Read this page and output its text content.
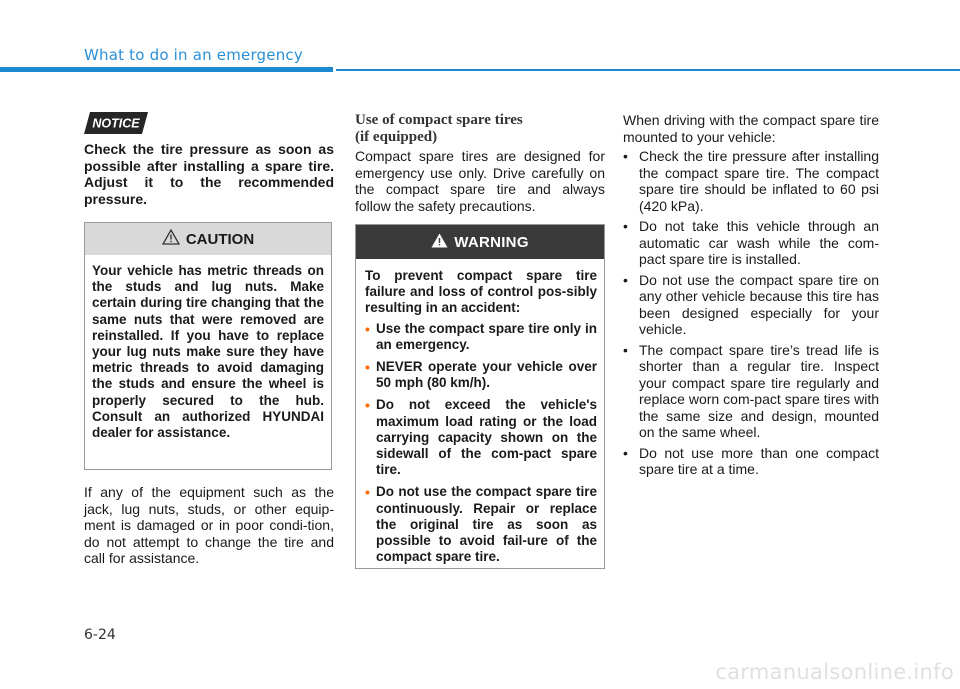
What to do in an emergency
NOTICE
Check the tire pressure as soon as possible after installing a spare tire. Adjust it to the recommended pressure.
CAUTION
Your vehicle has metric threads on the studs and lug nuts. Make certain during tire changing that the same nuts that were removed are reinstalled. If you have to replace your lug nuts make sure they have metric threads to avoid damaging the studs and ensure the wheel is properly secured to the hub. Consult an authorized HYUNDAI dealer for assistance.
If any of the equipment such as the jack, lug nuts, studs, or other equip-ment is damaged or in poor condi-tion, do not attempt to change the tire and call for assistance.
Use of compact spare tires
(if equipped)
Compact spare tires are designed for emergency use only. Drive carefully on the compact spare tire and always follow the safety precautions.
WARNING
To prevent compact spare tire failure and loss of control pos-sibly resulting in an accident:
• Use the compact spare tire only in an emergency.
• NEVER operate your vehicle over 50 mph (80 km/h).
• Do not exceed the vehicle's maximum load rating or the load carrying capacity shown on the sidewall of the com-pact spare tire.
• Do not use the compact spare tire continuously. Repair or replace the original tire as soon as possible to avoid fail-ure of the compact spare tire.
When driving with the compact spare tire mounted to your vehicle:
• Check the tire pressure after installing the compact spare tire. The compact spare tire should be inflated to 60 psi (420 kPa).
• Do not take this vehicle through an automatic car wash while the com-pact spare tire is installed.
• Do not use the compact spare tire on any other vehicle because this tire has been designed especially for your vehicle.
• The compact spare tire’s tread life is shorter than a regular tire. Inspect your compact spare tire regularly and replace worn com-pact spare tires with the same size and design, mounted on the same wheel.
• Do not use more than one compact spare tire at a time.
6-24
carmanualsonline.info
